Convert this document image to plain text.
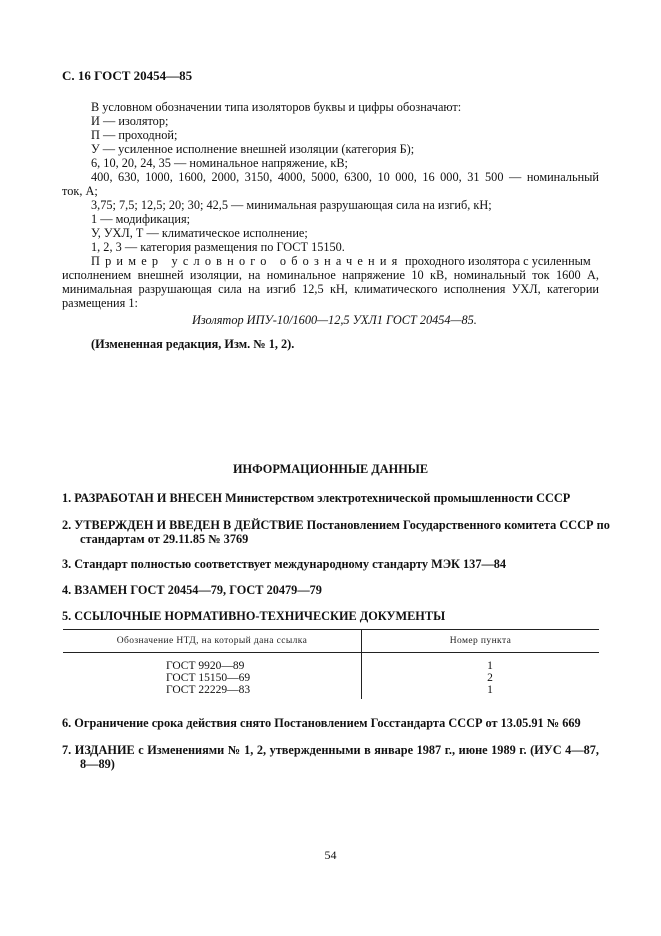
С. 16 ГОСТ 20454—85
В условном обозначении типа изоляторов буквы и цифры обозначают:
И — изолятор;
П — проходной;
У — усиленное исполнение внешней изоляции (категория Б);
6, 10, 20, 24, 35 — номинальное напряжение, кВ;
400, 630, 1000, 1600, 2000, 3150, 4000, 5000, 6300, 10 000, 16 000, 31 500 — номинальный
ток, А;
3,75; 7,5; 12,5; 20; 30; 42,5 — минимальная разрушающая сила на изгиб, кН;
1 — модификация;
У, УХЛ, Т — климатическое исполнение;
1, 2, 3 — категория размещения по ГОСТ 15150.
Пример условного обозначения проходного изолятора с усиленным
исполнением внешней изоляции, на номинальное напряжение 10 кВ, номинальный ток 1600 А,
минимальная разрушающая сила на изгиб 12,5 кН, климатического исполнения УХЛ, категории
размещения 1:
Изолятор ИПУ-10/1600—12,5 УХЛ1 ГОСТ 20454—85.
(Измененная редакция, Изм. № 1, 2).
ИНФОРМАЦИОННЫЕ ДАННЫЕ
1. РАЗРАБОТАН И ВНЕСЕН Министерством электротехнической промышленности СССР
2. УТВЕРЖДЕН И ВВЕДЕН В ДЕЙСТВИЕ Постановлением Государственного комитета СССР по
стандартам от 29.11.85 № 3769
3. Стандарт полностью соответствует международному стандарту МЭК 137—84
4. ВЗАМЕН ГОСТ 20454—79, ГОСТ 20479—79
5. ССЫЛОЧНЫЕ НОРМАТИВНО-ТЕХНИЧЕСКИЕ ДОКУМЕНТЫ
Обозначение НТД, на который дана ссылка	Номер пункта
ГОСТ 9920—89	1
ГОСТ 15150—69	2
ГОСТ 22229—83	1
6. Ограничение срока действия снято Постановлением Госстандарта СССР от 13.05.91 № 669
7. ИЗДАНИЕ с Изменениями № 1, 2, утвержденными в январе 1987 г., июне 1989 г. (ИУС 4—87,
8—89)
54
